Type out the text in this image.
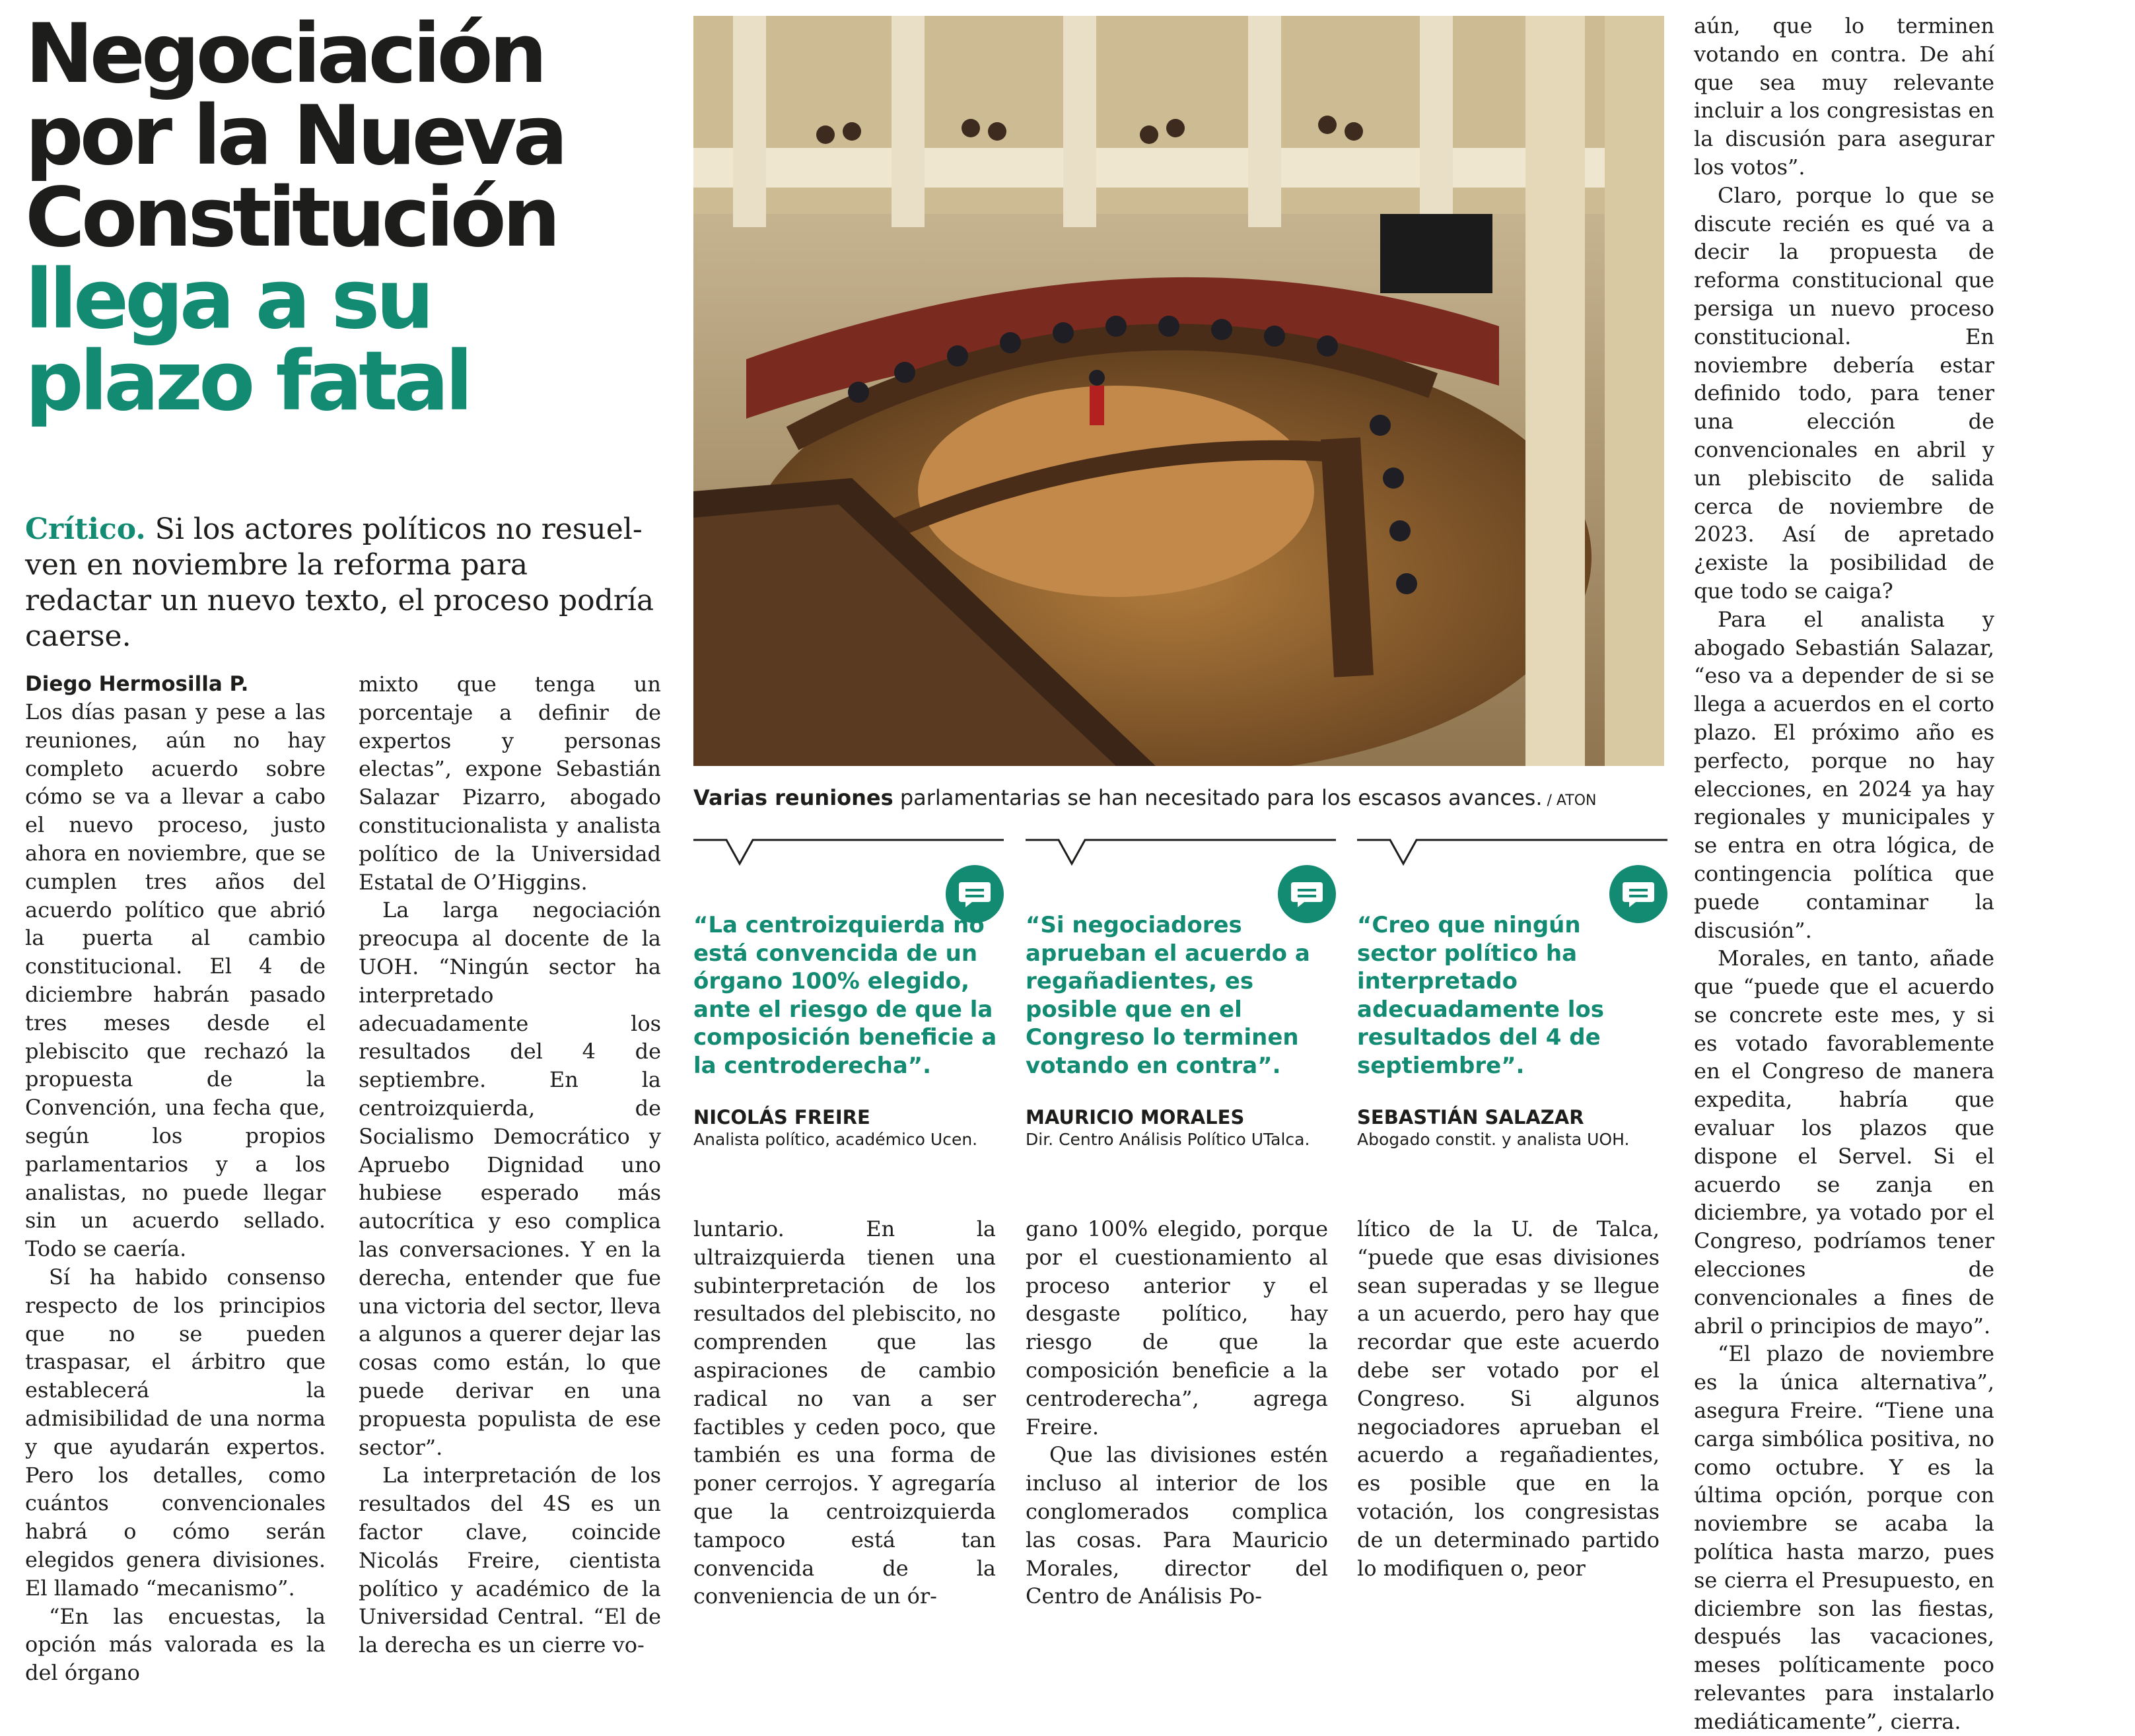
Negociación
por la Nueva
Constitución
llega a su
plazo fatal

Crítico. Si los actores políticos no resuel- ven en noviembre la reforma para redactar un nuevo texto, el proceso podría caerse.

Diego Hermosilla P.

Los días pasan y pese a las reuniones, aún no hay completo acuerdo sobre cómo se va a llevar a cabo el nuevo proceso, justo ahora en noviembre, que se cumplen tres años del acuerdo político que abrió la puerta al cambio constitucional. El 4 de diciembre habrán pasado tres meses desde el plebiscito que rechazó la propuesta de la Convención, una fecha que, según los propios parlamentarios y a los analistas, no puede llegar sin un acuerdo sellado. Todo se caería.

Sí ha habido consenso respecto de los principios que no se pueden traspasar, el árbitro que establecerá la admisibilidad de una norma y que ayudarán expertos. Pero los detalles, como cuántos convencionales habrá o cómo serán elegidos genera divisiones. El llamado “mecanismo”.

“En las encuestas, la opción más valorada es la del órgano

mixto que tenga un porcentaje a definir de expertos y personas electas”, expone Sebastián Salazar Pizarro, abogado constitucionalista y analista político de la Universidad Estatal de O’Higgins.

La larga negociación preocupa al docente de la UOH. “Ningún sector ha interpretado adecuadamente los resultados del 4 de septiembre. En la centroizquierda, de Socialismo Democrático y Apruebo Dignidad uno hubiese esperado más autocrítica y eso complica las conversaciones. Y en la derecha, entender que fue una victoria del sector, lleva a algunos a querer dejar las cosas como están, lo que puede derivar en una propuesta populista de ese sector”.

La interpretación de los resultados del 4S es un factor clave, coincide Nicolás Freire, cientista político y académico de la Universidad Central. “El de la derecha es un cierre vo-

Varias reuniones parlamentarias se han necesitado para los escasos avances. / ATON

“La centroizquierda no está convencida de un órgano 100% elegido, ante el riesgo de que la composición beneficie a la centroderecha”.

NICOLÁS FREIRE

Analista político, académico Ucen.

“Si negociadores aprueban el acuerdo a regañadientes, es posible que en el Congreso lo terminen votando en contra”.

MAURICIO MORALES

Dir. Centro Análisis Político UTalca.

“Creo que ningún sector político ha interpretado adecuadamente los resultados del 4 de septiembre”.

SEBASTIÁN SALAZAR

Abogado constit. y analista UOH.

luntario. En la ultraizquierda tienen una subinterpretación de los resultados del plebiscito, no comprenden que las aspiraciones de cambio radical no van a ser factibles y ceden poco, que también es una forma de poner cerrojos. Y agregaría que la centroizquierda tampoco está tan convencida de la conveniencia de un ór-

gano 100% elegido, porque por el cuestionamiento al proceso anterior y el desgaste político, hay riesgo de que la composición beneficie a la centroderecha”, agrega Freire.

Que las divisiones estén incluso al interior de los conglomerados complica las cosas. Para Mauricio Morales, director del Centro de Análisis Po-

lítico de la U. de Talca, “puede que esas divisiones sean superadas y se llegue a un acuerdo, pero hay que recordar que este acuerdo debe ser votado por el Congreso. Si algunos negociadores aprueban el acuerdo a regañadientes, es posible que en la votación, los congresistas de un determinado partido lo modifiquen o, peor

aún, que lo terminen votando en contra. De ahí que sea muy relevante incluir a los congresistas en la discusión para asegurar los votos”.

Claro, porque lo que se discute recién es qué va a decir la propuesta de reforma constitucional que persiga un nuevo proceso constitucional. En noviembre debería estar definido todo, para tener una elección de convencionales en abril y un plebiscito de salida cerca de noviembre de 2023. Así de apretado ¿existe la posibilidad de que todo se caiga?

Para el analista y abogado Sebastián Salazar, “eso va a depender de si se llega a acuerdos en el corto plazo. El próximo año es perfecto, porque no hay elecciones, en 2024 ya hay regionales y municipales y se entra en otra lógica, de contingencia política que puede contaminar la discusión”.

Morales, en tanto, añade que “puede que el acuerdo se concrete este mes, y si es votado favorablemente en el Congreso de manera expedita, habría que evaluar los plazos que dispone el Servel. Si el acuerdo se zanja en diciembre, ya votado por el Congreso, podríamos tener elecciones de convencionales a fines de abril o principios de mayo”.

“El plazo de noviembre es la única alternativa”, asegura Freire. “Tiene una carga simbólica positiva, no como octubre. Y es la última opción, porque con noviembre se acaba la política hasta marzo, pues se cierra el Presupuesto, en diciembre son las fiestas, después las vacaciones, meses políticamente poco relevantes para instalarlo mediáticamente”, cierra.
